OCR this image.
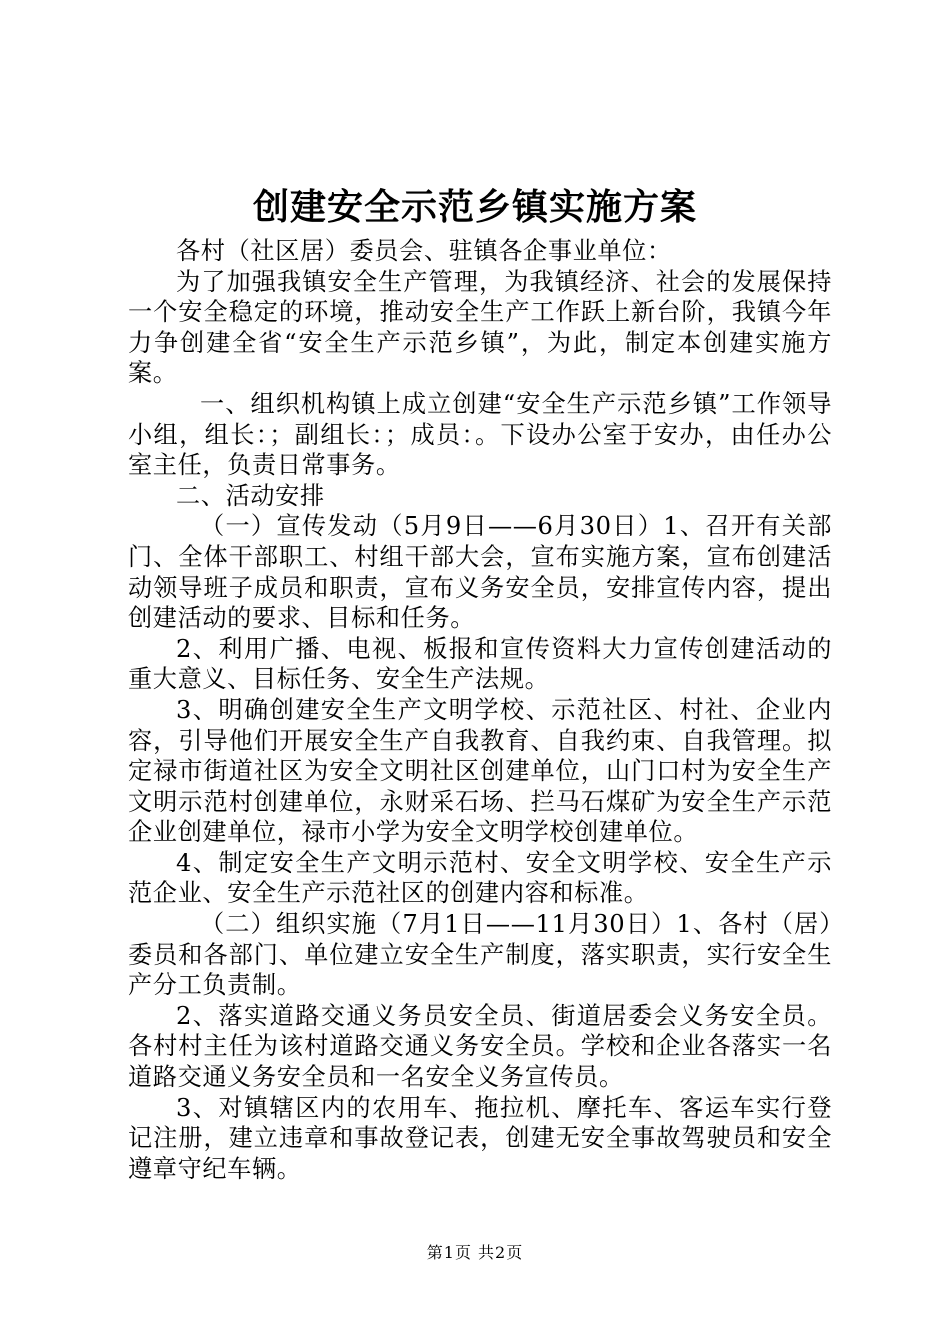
创建安全示范乡镇实施方案

各村（社区居）委员会、驻镇各企事业单位：

为了加强我镇安全生产管理，为我镇经济、社会的发展保持一个安全稳定的环境，推动安全生产工作跃上新台阶，我镇今年力争创建全省“安全生产示范乡镇”，为此，制定本创建实施方案。

一、组织机构镇上成立创建“安全生产示范乡镇”工作领导小组，组长：；副组长：；成员：。下设办公室于安办，由任办公室主任，负责日常事务。

二、活动安排

（一）宣传发动（5月9日——6月30日）1、召开有关部门、全体干部职工、村组干部大会，宣布实施方案，宣布创建活动领导班子成员和职责，宣布义务安全员，安排宣传内容，提出创建活动的要求、目标和任务。

2、利用广播、电视、板报和宣传资料大力宣传创建活动的重大意义、目标任务、安全生产法规。

3、明确创建安全生产文明学校、示范社区、村社、企业内容，引导他们开展安全生产自我教育、自我约束、自我管理。拟定禄市街道社区为安全文明社区创建单位，山门口村为安全生产文明示范村创建单位，永财采石场、拦马石煤矿为安全生产示范企业创建单位，禄市小学为安全文明学校创建单位。

4、制定安全生产文明示范村、安全文明学校、安全生产示范企业、安全生产示范社区的创建内容和标准。

（二）组织实施（7月1日——11月30日）1、各村（居）委员和各部门、单位建立安全生产制度，落实职责，实行安全生产分工负责制。

2、落实道路交通义务员安全员、街道居委会义务安全员。各村村主任为该村道路交通义务安全员。学校和企业各落实一名道路交通义务安全员和一名安全义务宣传员。

3、对镇辖区内的农用车、拖拉机、摩托车、客运车实行登记注册，建立违章和事故登记表，创建无安全事故驾驶员和安全遵章守纪车辆。

第1页 共2页
